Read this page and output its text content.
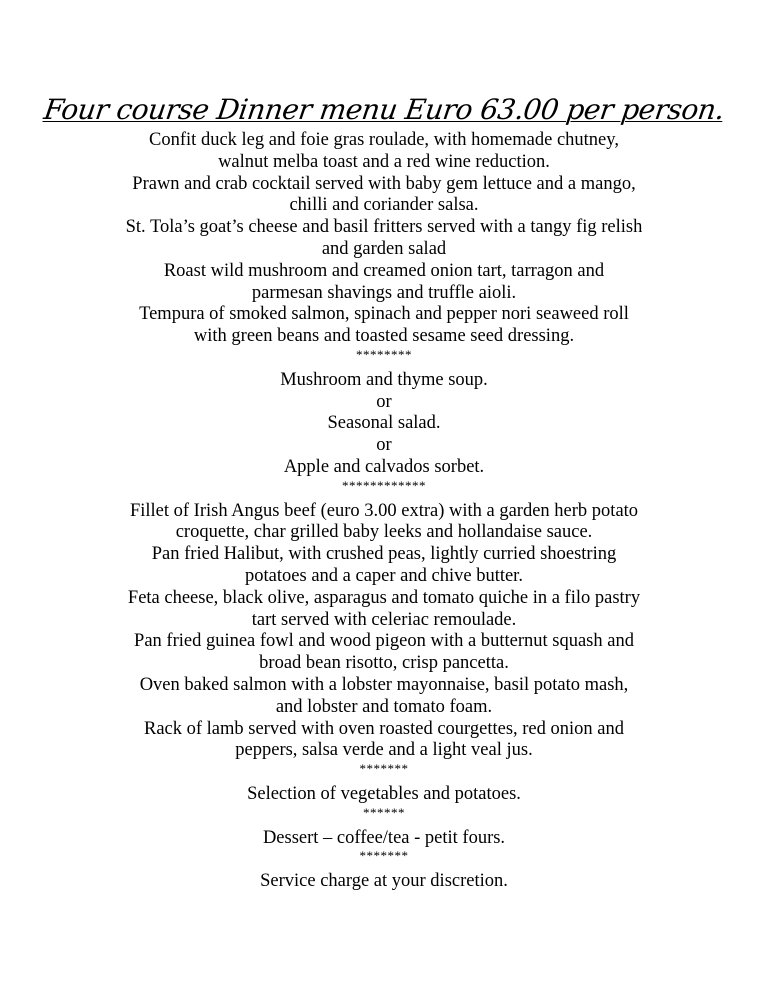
Four course Dinner menu Euro 63.00 per person.
Confit duck leg and foie gras roulade, with homemade chutney,
walnut melba toast and a red wine reduction.
Prawn and crab cocktail served with baby gem lettuce and a mango,
chilli and coriander salsa.
St. Tola’s goat’s cheese and basil fritters served with a tangy fig relish
and garden salad
Roast wild mushroom and creamed onion tart, tarragon and
parmesan shavings and truffle aioli.
Tempura of smoked salmon, spinach and pepper nori seaweed roll
with green beans and toasted sesame seed dressing.
********
Mushroom and thyme soup.
or
Seasonal salad.
or
Apple and calvados sorbet.
************
Fillet of Irish Angus beef (euro 3.00 extra) with a garden herb potato
croquette, char grilled baby leeks and hollandaise sauce.
Pan fried Halibut, with crushed peas, lightly curried shoestring
potatoes and a caper and chive butter.
Feta cheese, black olive, asparagus and tomato quiche in a filo pastry
tart served with celeriac remoulade.
Pan fried guinea fowl and wood pigeon with a butternut squash and
broad bean risotto, crisp pancetta.
Oven baked salmon with a lobster mayonnaise, basil potato mash,
and lobster and tomato foam.
Rack of lamb served with oven roasted courgettes, red onion and
peppers, salsa verde and a light veal jus.
*******
Selection of vegetables and potatoes.
******
Dessert – coffee/tea - petit fours.
*******
Service charge at your discretion.
